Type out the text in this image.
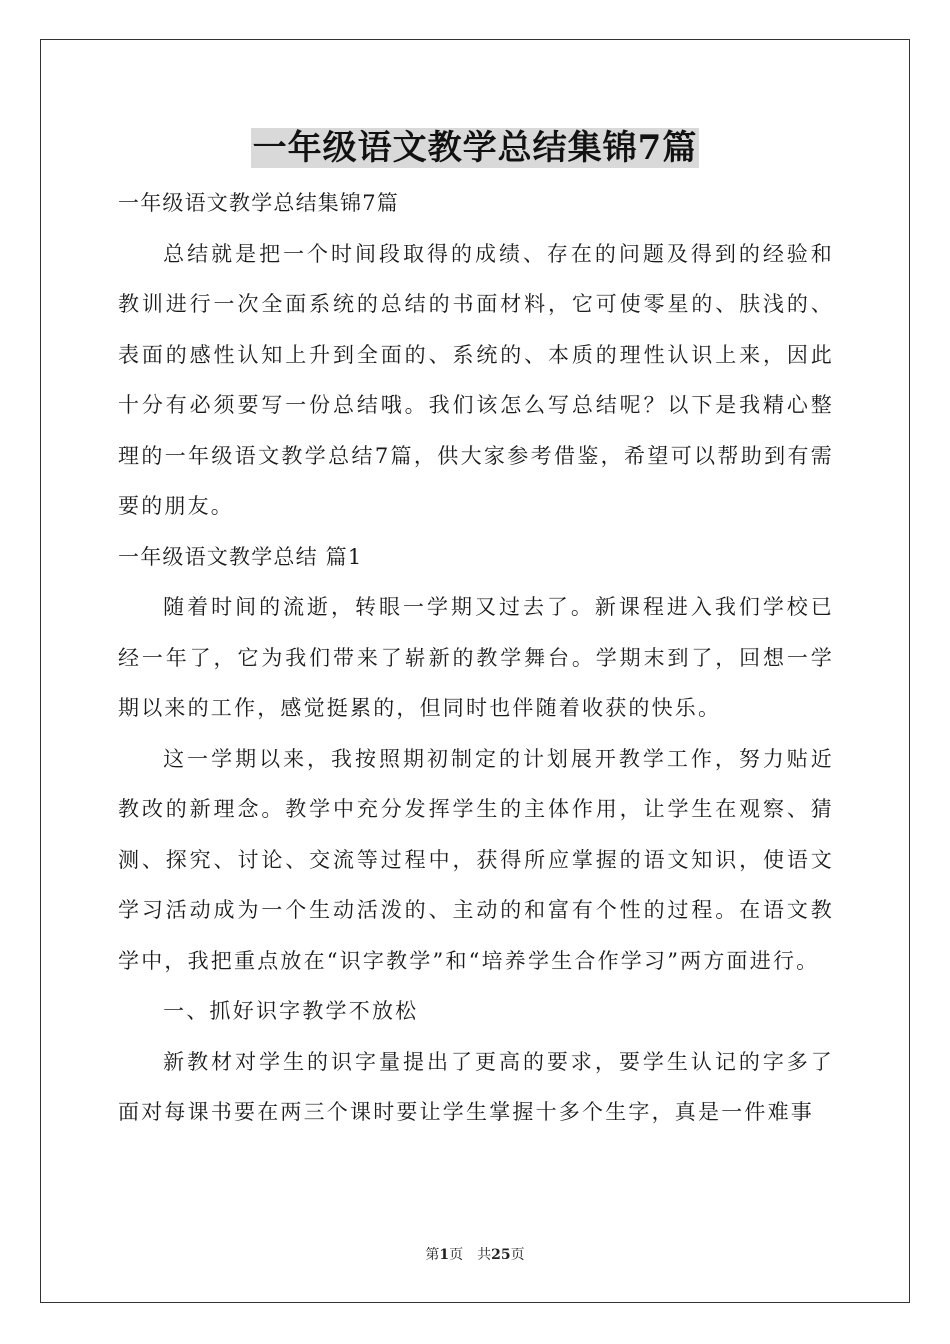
一年级语文教学总结集锦7篇

一年级语文教学总结集锦7篇

总结就是把一个时间段取得的成绩、存在的问题及得到的经验和教训进行一次全面系统的总结的书面材料，它可使零星的、肤浅的、表面的感性认知上升到全面的、系统的、本质的理性认识上来，因此十分有必须要写一份总结哦。我们该怎么写总结呢？以下是我精心整理的一年级语文教学总结7篇，供大家参考借鉴，希望可以帮助到有需要的朋友。

一年级语文教学总结 篇1

随着时间的流逝，转眼一学期又过去了。新课程进入我们学校已经一年了，它为我们带来了崭新的教学舞台。学期末到了，回想一学期以来的工作，感觉挺累的，但同时也伴随着收获的快乐。

这一学期以来，我按照期初制定的计划展开教学工作，努力贴近教改的新理念。教学中充分发挥学生的主体作用，让学生在观察、猜测、探究、讨论、交流等过程中，获得所应掌握的语文知识，使语文学习活动成为一个生动活泼的、主动的和富有个性的过程。在语文教学中，我把重点放在“识字教学”和“培养学生合作学习”两方面进行。

一、抓好识字教学不放松

新教材对学生的识字量提出了更高的要求，要学生认记的字多了面对每课书要在两三个课时要让学生掌握十多个生字，真是一件难事

第1页 共25页
